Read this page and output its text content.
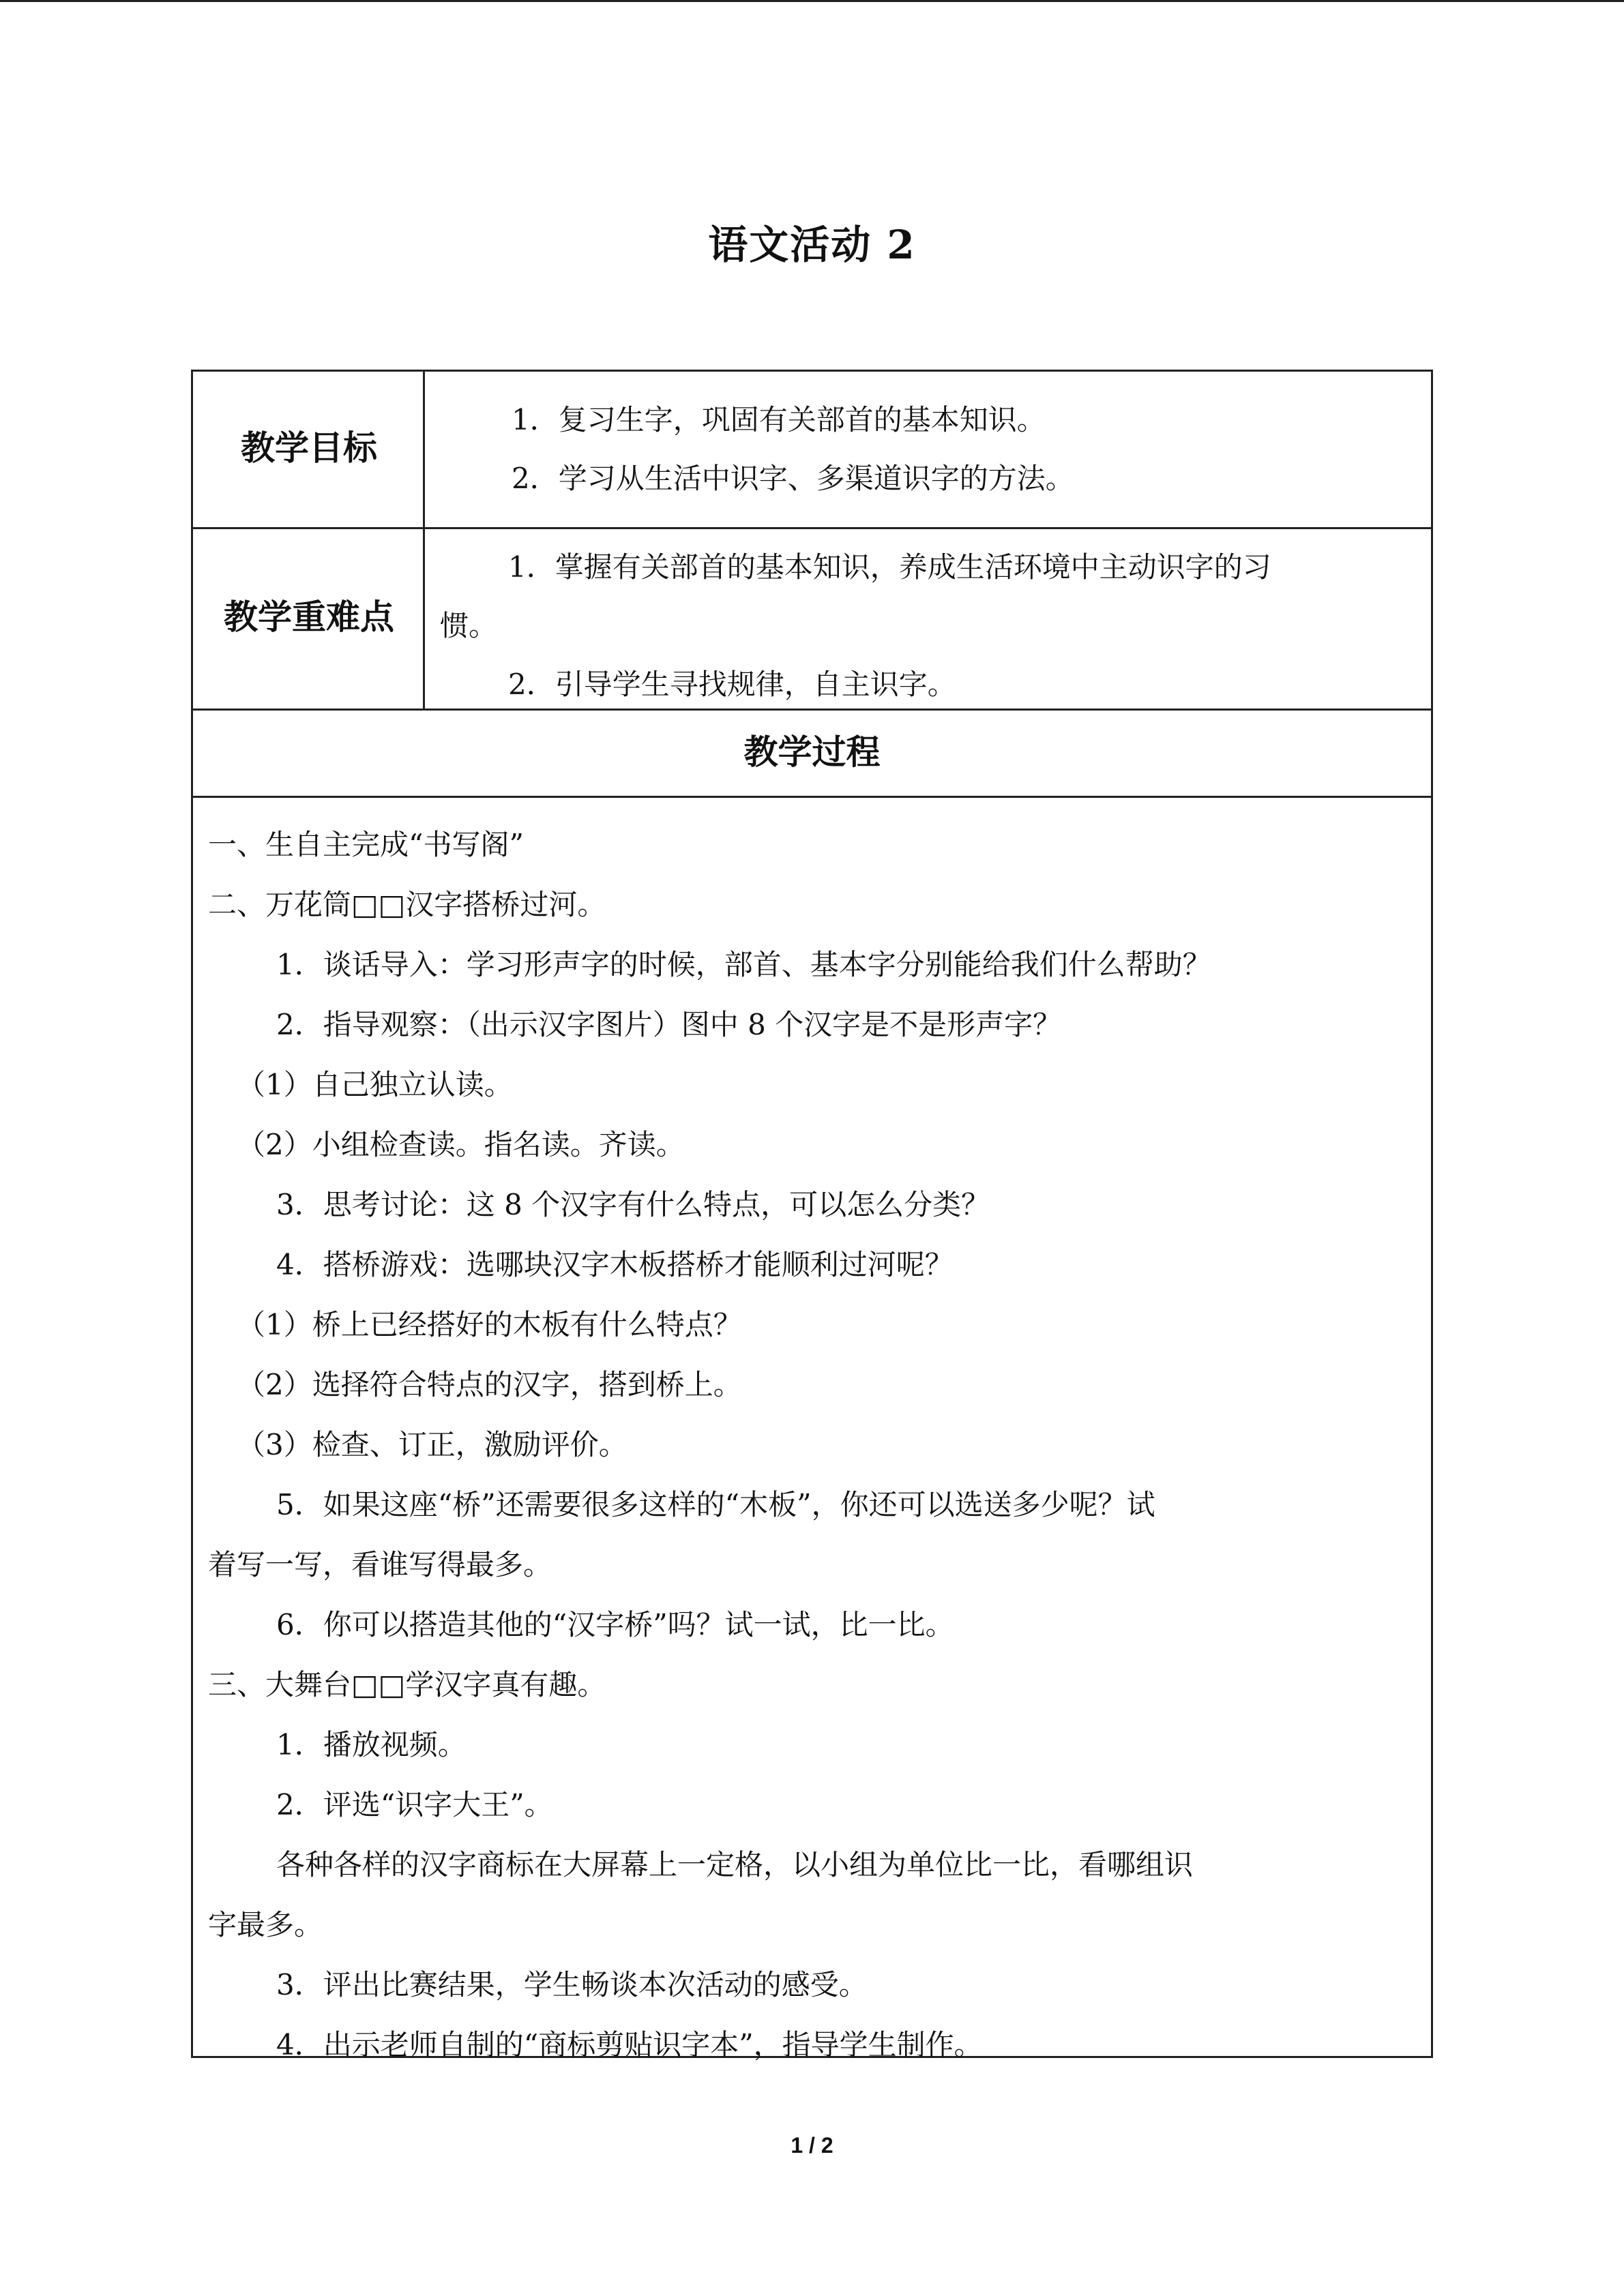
语文活动 2
教学目标

1．复习生字，巩固有关部首的基本知识。

2．学习从生活中识字、多渠道识字的方法。

教学重难点

1．掌握有关部首的基本知识，养成生活环境中主动识字的习

惯。

2．引导学生寻找规律，自主识字。

教学过程

一、生自主完成“书写阁”

二、万花筒□□汉字搭桥过河。

1．谈话导入：学习形声字的时候，部首、基本字分别能给我们什么帮助？

2．指导观察：（出示汉字图片）图中 8 个汉字是不是形声字？

（1）自己独立认读。

（2）小组检查读。指名读。齐读。

3．思考讨论：这 8 个汉字有什么特点，可以怎么分类？

4．搭桥游戏：选哪块汉字木板搭桥才能顺利过河呢？

（1）桥上已经搭好的木板有什么特点？

（2）选择符合特点的汉字，搭到桥上。

（3）检查、订正，激励评价。

5．如果这座“桥”还需要很多这样的“木板”，你还可以选送多少呢？试

着写一写，看谁写得最多。

6．你可以搭造其他的“汉字桥”吗？试一试，比一比。

三、大舞台□□学汉字真有趣。

1．播放视频。

2．评选“识字大王”。

各种各样的汉字商标在大屏幕上一定格，以小组为单位比一比，看哪组识

字最多。

3．评出比赛结果，学生畅谈本次活动的感受。

4．出示老师自制的“商标剪贴识字本”，指导学生制作。

1 / 2
